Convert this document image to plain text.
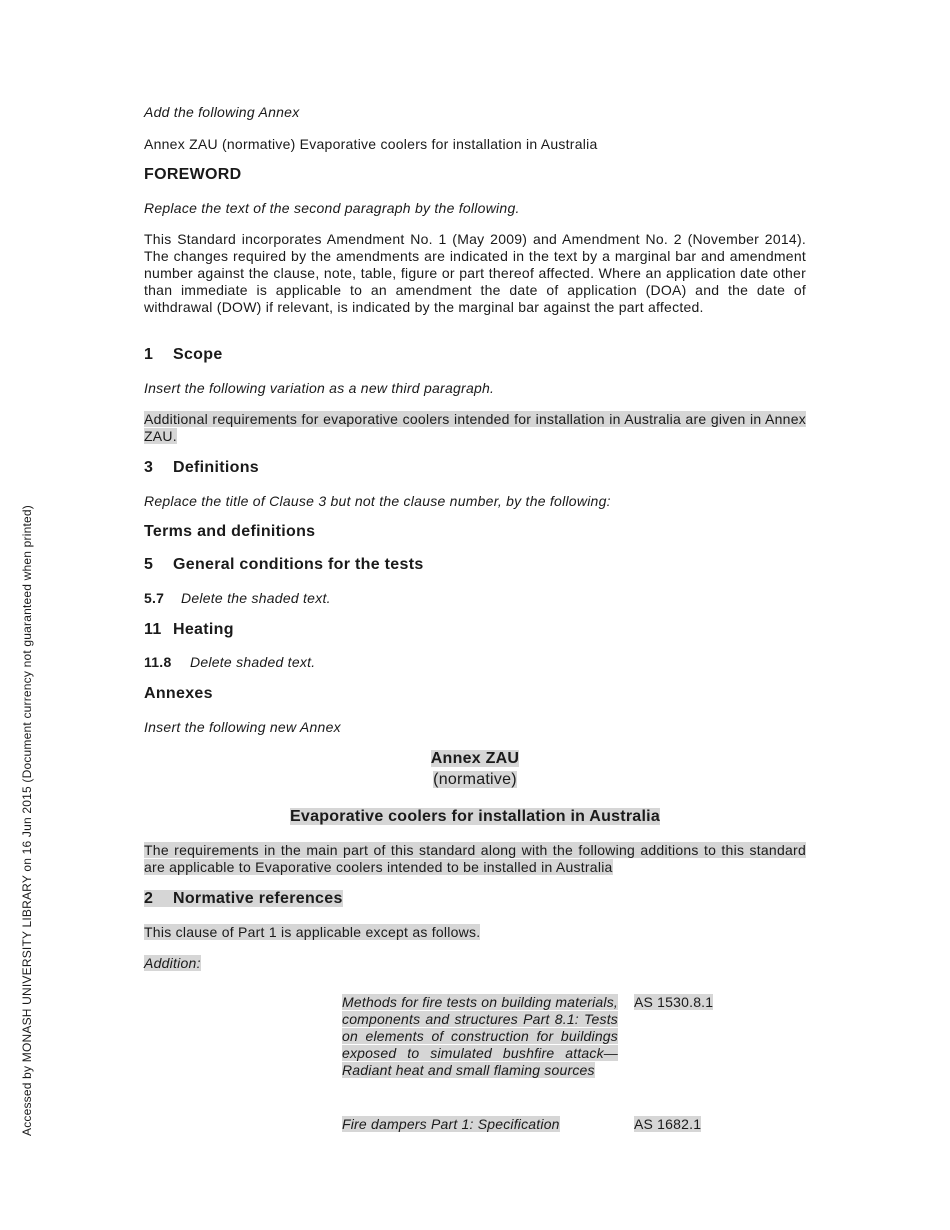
Accessed by MONASH UNIVERSITY LIBRARY on 16 Jun 2015 (Document currency not guaranteed when printed)
Add the following Annex
Annex ZAU (normative) Evaporative coolers for installation in Australia
FOREWORD
Replace the text of the second paragraph by the following.
This Standard incorporates Amendment No. 1 (May 2009) and Amendment No. 2 (November 2014). The changes required by the amendments are indicated in the text by a marginal bar and amendment number against the clause, note, table, figure or part thereof affected. Where an application date other than immediate is applicable to an amendment the date of application (DOA) and the date of withdrawal (DOW) if relevant, is indicated by the marginal bar against the part affected.
1 Scope
Insert the following variation as a new third paragraph.
Additional requirements for evaporative coolers intended for installation in Australia are given in Annex ZAU.
3 Definitions
Replace the title of Clause 3 but not the clause number, by the following:
Terms and definitions
5 General conditions for the tests
5.7 Delete the shaded text.
11 Heating
11.8 Delete shaded text.
Annexes
Insert the following new Annex
Annex ZAU
(normative)
Evaporative coolers for installation in Australia
The requirements in the main part of this standard along with the following additions to this standard are applicable to Evaporative coolers intended to be installed in Australia
2 Normative references
This clause of Part 1 is applicable except as follows.
Addition:
Methods for fire tests on building materials, components and structures Part 8.1: Tests on elements of construction for buildings exposed to simulated bushfire attack—Radiant heat and small flaming sources
AS 1530.8.1
Fire dampers Part 1: Specification	AS 1682.1
